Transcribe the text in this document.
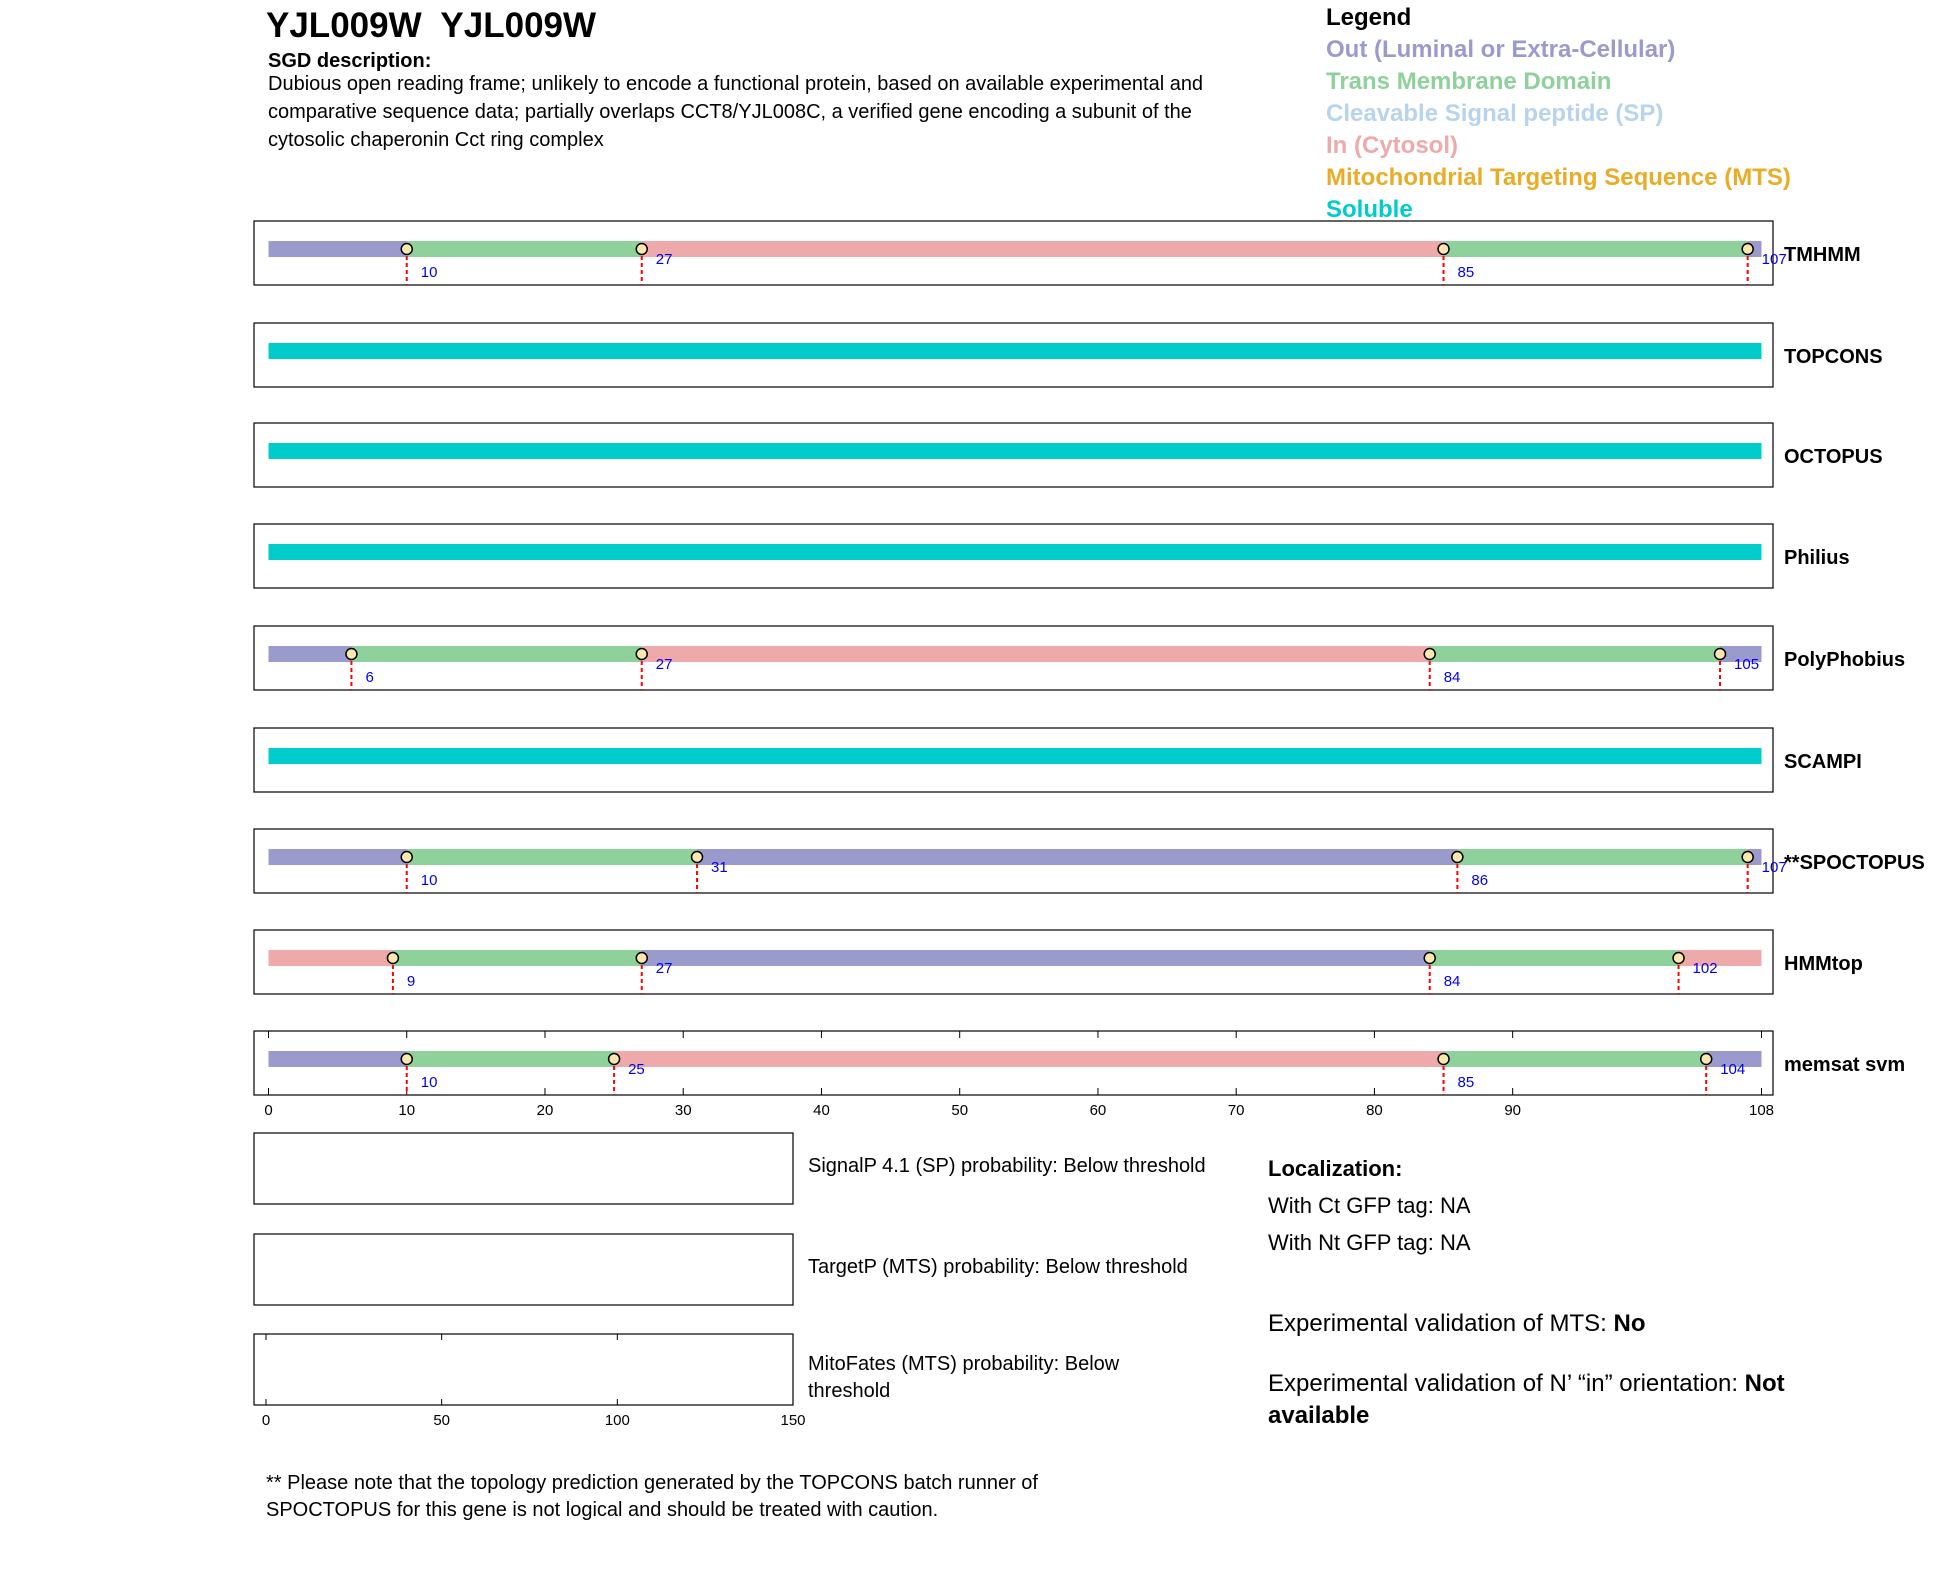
YJL009W  YJL009W
SGD description:
Dubious open reading frame; unlikely to encode a functional protein, based on available experimental and comparative sequence data; partially overlaps CCT8/YJL008C, a verified gene encoding a subunit of the cytosolic chaperonin Cct ring complex
Legend
Out (Luminal or Extra-Cellular)
Trans Membrane Domain
Cleavable Signal peptide (SP)
In (Cytosol)
Mitochondrial Targeting Sequence (MTS)
Soluble
10
27
85
107
TMHMM
TOPCONS
OCTOPUS
Philius
6
27
84
105 PolyPhobius
SCAMPI
10
31
86
107
**SPOCTOPUS
9
27
84
102	HMMtop
0	10	20	30	40	50	60	70	80	90	108
10
25
85
104 memsat svm
SignalP 4.1 (SP) probability: Below threshold
TargetP (MTS) probability: Below threshold
MitoFates (MTS) probability: Below threshold
0	50	100	150
Localization:
With Ct GFP tag: NA
With Nt GFP tag: NA
Experimental validation of MTS: No
Experimental validation of N’ “in” orientation: Not available
** Please note that the topology prediction generated by the TOPCONS batch runner of SPOCTOPUS for this gene is not logical and should be treated with caution.
